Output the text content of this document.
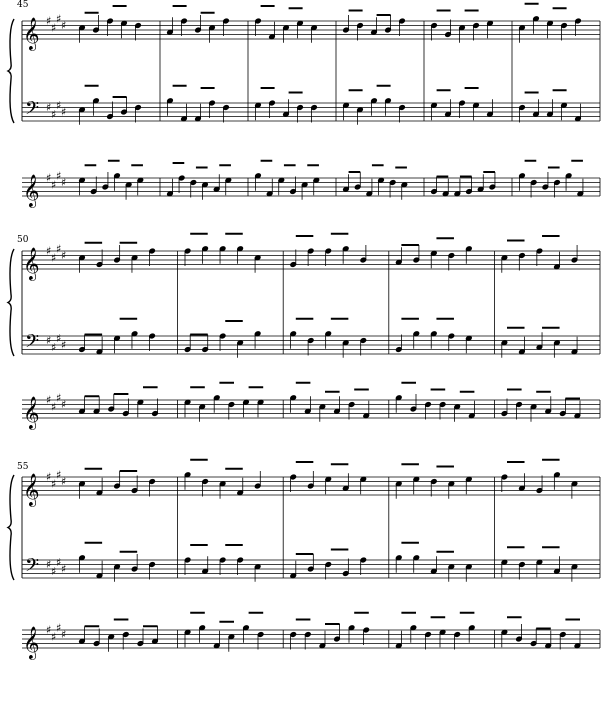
45
50
55
𝄞 ♯
♯
♯
♯
𝄢 ♯
♯
♯
♯
𝄞 ♯
♯
♯
♯
𝄞 ♯
♯
♯
♯
𝄢 ♯
♯
♯
♯
𝄞 ♯
♯
♯
♯
𝄞 ♯
♯
♯
♯
𝄢 ♯
♯
♯
♯
𝄞 ♯
♯
♯
♯
